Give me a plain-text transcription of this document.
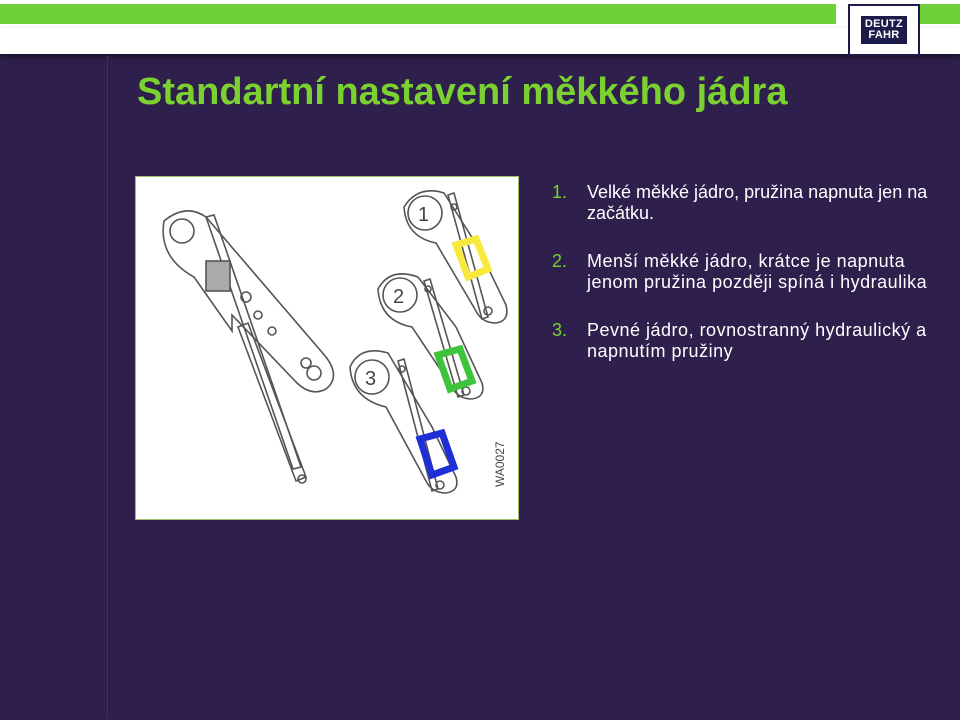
DEUTZ
FAHR
Standartní nastavení měkkého jádra
1
2
3
WA0027
1. Velké měkké jádro, pružina napnuta jen na začátku.
2. Menší měkké jádro, krátce je napnuta jenom pružina později spíná i hydraulika
3. Pevné jádro, rovnostranný hydraulický a napnutím pružiny
